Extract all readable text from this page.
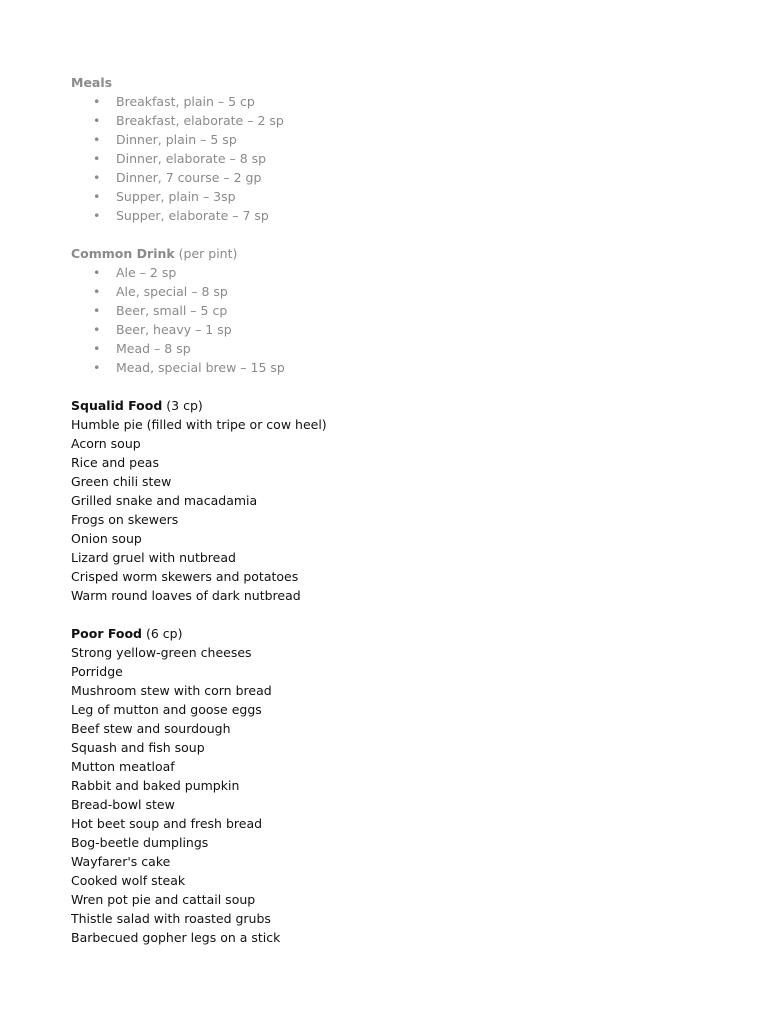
Meals
• Breakfast, plain – 5 cp
• Breakfast, elaborate – 2 sp
• Dinner, plain – 5 sp
• Dinner, elaborate – 8 sp
• Dinner, 7 course – 2 gp
• Supper, plain – 3sp
• Supper, elaborate – 7 sp
Common Drink (per pint)
• Ale – 2 sp
• Ale, special – 8 sp
• Beer, small – 5 cp
• Beer, heavy – 1 sp
• Mead – 8 sp
• Mead, special brew – 15 sp
Squalid Food (3 cp)
Humble pie (filled with tripe or cow heel)
Acorn soup
Rice and peas
Green chili stew
Grilled snake and macadamia
Frogs on skewers
Onion soup
Lizard gruel with nutbread
Crisped worm skewers and potatoes
Warm round loaves of dark nutbread
Poor Food (6 cp)
Strong yellow-green cheeses
Porridge
Mushroom stew with corn bread
Leg of mutton and goose eggs
Beef stew and sourdough
Squash and fish soup
Mutton meatloaf
Rabbit and baked pumpkin
Bread-bowl stew
Hot beet soup and fresh bread
Bog-beetle dumplings
Wayfarer's cake
Cooked wolf steak
Wren pot pie and cattail soup
Thistle salad with roasted grubs
Barbecued gopher legs on a stick
